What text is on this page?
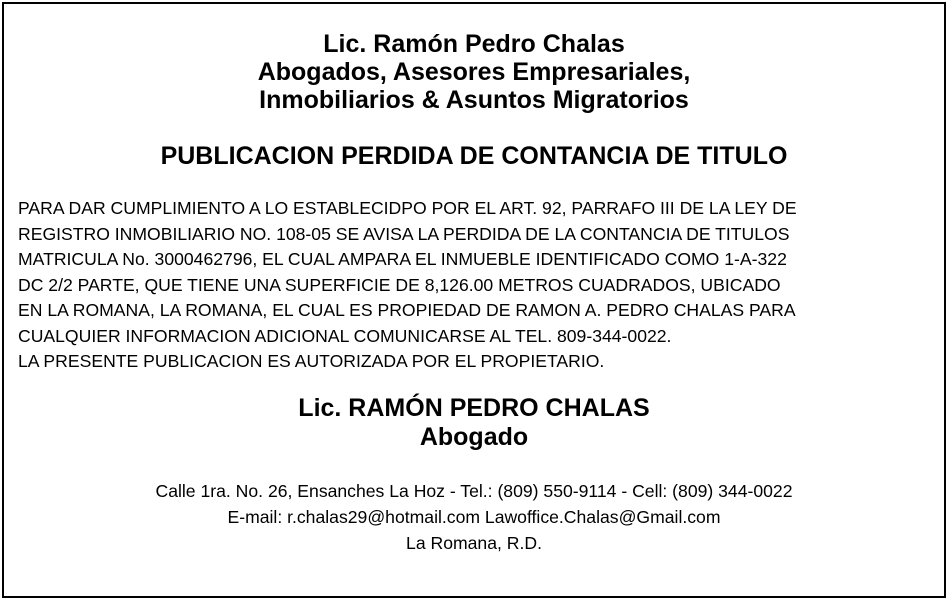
Lic. Ramón Pedro Chalas
Abogados, Asesores Empresariales,
Inmobiliarios & Asuntos Migratorios
PUBLICACION PERDIDA DE CONTANCIA DE TITULO
PARA DAR CUMPLIMIENTO A LO ESTABLECIDPO POR EL ART. 92, PARRAFO III DE LA LEY DE
REGISTRO INMOBILIARIO NO. 108-05 SE AVISA LA PERDIDA DE LA CONTANCIA DE TITULOS
MATRICULA No. 3000462796, EL CUAL AMPARA EL INMUEBLE IDENTIFICADO COMO 1-A-322
DC 2/2 PARTE, QUE TIENE UNA SUPERFICIE DE 8,126.00 METROS CUADRADOS, UBICADO
EN LA ROMANA, LA ROMANA, EL CUAL ES PROPIEDAD DE RAMON A. PEDRO CHALAS PARA
CUALQUIER INFORMACION ADICIONAL COMUNICARSE AL TEL. 809-344-0022.
LA PRESENTE PUBLICACION ES AUTORIZADA POR EL PROPIETARIO.
Lic. RAMÓN PEDRO CHALAS
Abogado
Calle 1ra. No. 26, Ensanches La Hoz - Tel.: (809) 550-9114 - Cell: (809) 344-0022
E-mail: r.chalas29@hotmail.com Lawoffice.Chalas@Gmail.com
La Romana, R.D.
